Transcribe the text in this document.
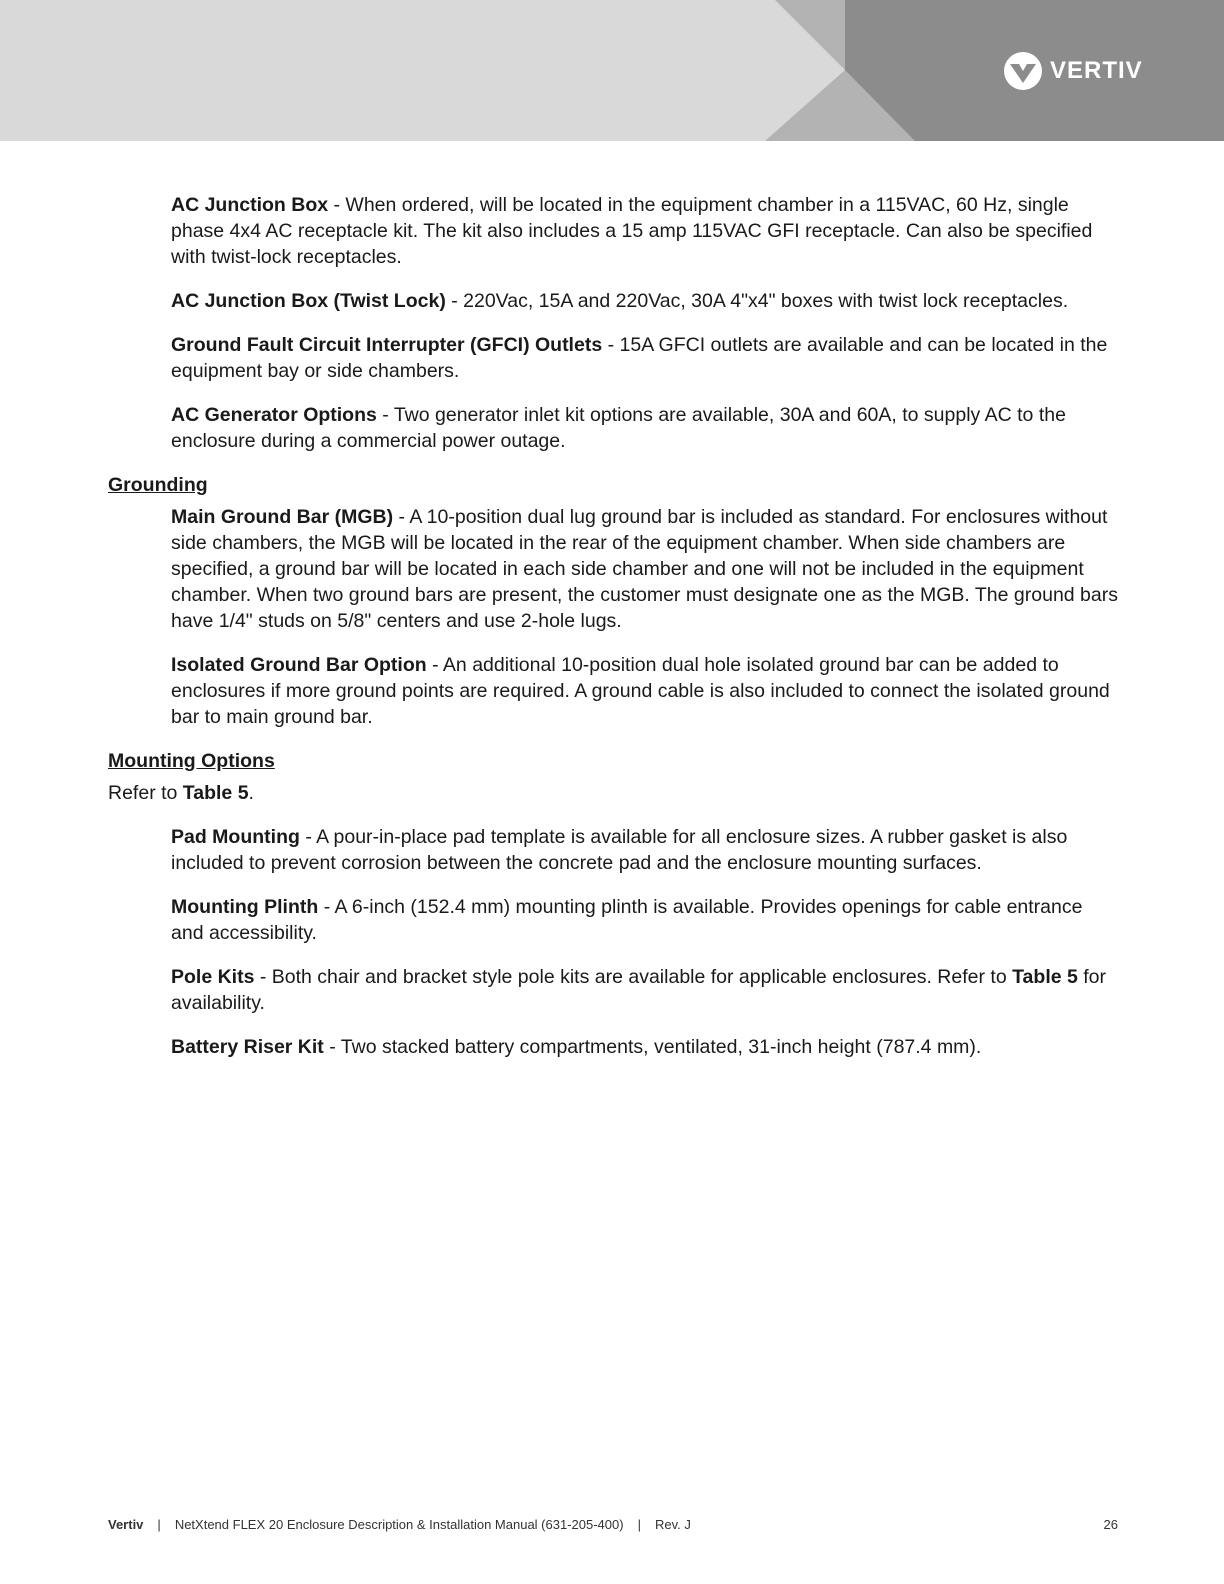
VERTIV

AC Junction Box - When ordered, will be located in the equipment chamber in a 115VAC, 60 Hz, single phase 4x4 AC receptacle kit. The kit also includes a 15 amp 115VAC GFI receptacle. Can also be specified with twist-lock receptacles.

AC Junction Box (Twist Lock) - 220Vac, 15A and 220Vac, 30A 4"x4" boxes with twist lock receptacles.

Ground Fault Circuit Interrupter (GFCI) Outlets - 15A GFCI outlets are available and can be located in the equipment bay or side chambers.

AC Generator Options - Two generator inlet kit options are available, 30A and 60A, to supply AC to the enclosure during a commercial power outage.

Grounding

Main Ground Bar (MGB) - A 10-position dual lug ground bar is included as standard. For enclosures without side chambers, the MGB will be located in the rear of the equipment chamber. When side chambers are specified, a ground bar will be located in each side chamber and one will not be included in the equipment chamber. When two ground bars are present, the customer must designate one as the MGB. The ground bars have 1/4" studs on 5/8" centers and use 2-hole lugs.

Isolated Ground Bar Option - An additional 10-position dual hole isolated ground bar can be added to enclosures if more ground points are required. A ground cable is also included to connect the isolated ground bar to main ground bar.

Mounting Options

Refer to Table 5.

Pad Mounting - A pour-in-place pad template is available for all enclosure sizes. A rubber gasket is also included to prevent corrosion between the concrete pad and the enclosure mounting surfaces.

Mounting Plinth - A 6-inch (152.4 mm) mounting plinth is available. Provides openings for cable entrance and accessibility.

Pole Kits - Both chair and bracket style pole kits are available for applicable enclosures. Refer to Table 5 for availability.

Battery Riser Kit - Two stacked battery compartments, ventilated, 31-inch height (787.4 mm).

Vertiv | NetXtend FLEX 20 Enclosure Description & Installation Manual (631-205-400) | Rev. J	26
